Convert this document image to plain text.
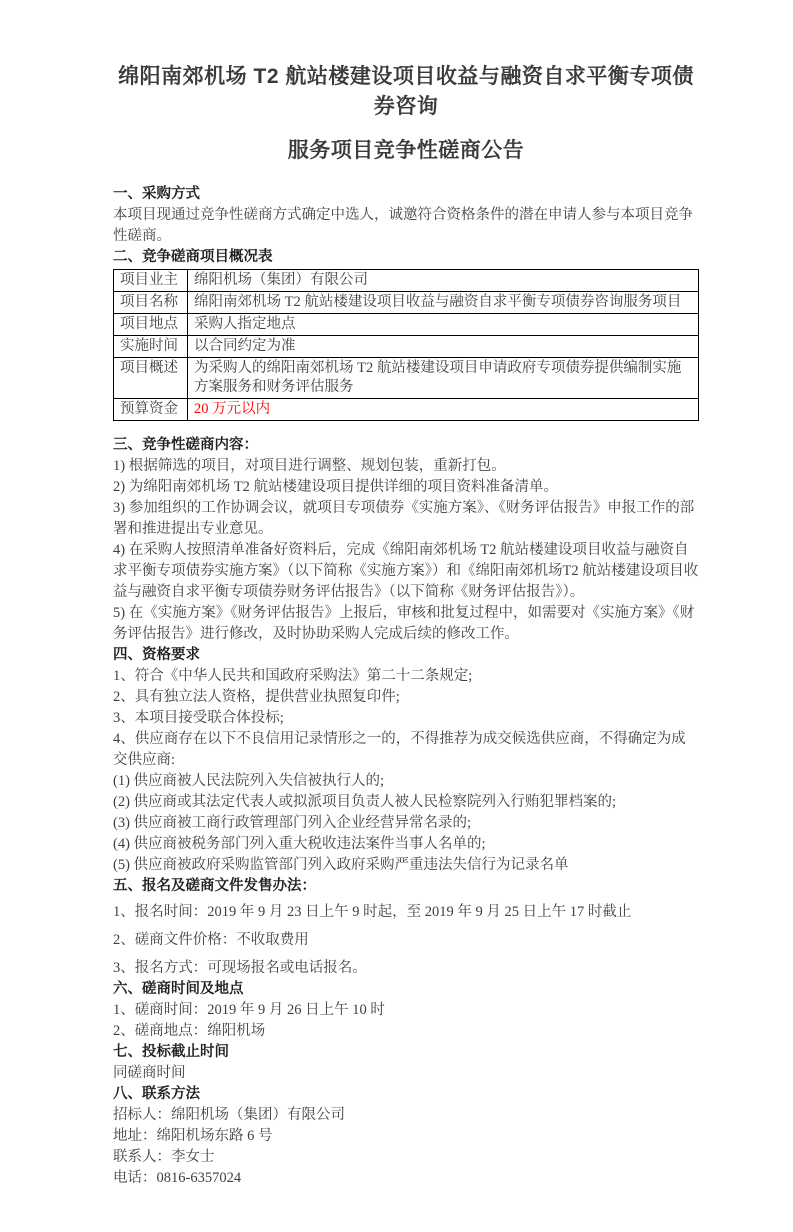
绵阳南郊机场 T2 航站楼建设项目收益与融资自求平衡专项债券咨询
服务项目竞争性磋商公告
一、采购方式

本项目现通过竞争性磋商方式确定中选人，诚邀符合资格条件的潜在申请人参与本项目竞争性磋商。

二、竞争磋商项目概况表
项目业主	绵阳机场（集团）有限公司
项目名称	绵阳南郊机场 T2 航站楼建设项目收益与融资自求平衡专项债券咨询服务项目
项目地点	采购人指定地点
实施时间	以合同约定为准
项目概述	为采购人的绵阳南郊机场 T2 航站楼建设项目申请政府专项债券提供编制实施方案服务和财务评估服务
预算资金	20 万元以内
三、竞争性磋商内容：

1) 根据筛选的项目，对项目进行调整、规划包装，重新打包。

2) 为绵阳南郊机场 T2 航站楼建设项目提供详细的项目资料准备清单。

3) 参加组织的工作协调会议，就项目专项债券《实施方案》、《财务评估报告》申报工作的部署和推进提出专业意见。

4) 在采购人按照清单准备好资料后，完成《绵阳南郊机场 T2 航站楼建设项目收益与融资自求平衡专项债券实施方案》（以下简称《实施方案》）和《绵阳南郊机场T2 航站楼建设项目收益与融资自求平衡专项债券财务评估报告》（以下简称《财务评估报告》）。

5) 在《实施方案》《财务评估报告》上报后，审核和批复过程中，如需要对《实施方案》《财务评估报告》进行修改，及时协助采购人完成后续的修改工作。

四、资格要求

1、符合《中华人民共和国政府采购法》第二十二条规定;

2、具有独立法人资格，提供营业执照复印件;

3、本项目接受联合体投标;

4、供应商存在以下不良信用记录情形之一的，不得推荐为成交候选供应商，不得确定为成交供应商:

(1) 供应商被人民法院列入失信被执行人的;

(2) 供应商或其法定代表人或拟派项目负责人被人民检察院列入行贿犯罪档案的;

(3) 供应商被工商行政管理部门列入企业经营异常名录的;

(4) 供应商被税务部门列入重大税收违法案件当事人名单的;

(5) 供应商被政府采购监管部门列入政府采购严重违法失信行为记录名单

五、报名及磋商文件发售办法：

1、报名时间：2019 年 9 月 23 日上午 9 时起，至 2019 年 9 月 25 日上午 17 时截止

2、磋商文件价格：不收取费用

3、报名方式：可现场报名或电话报名。

六、磋商时间及地点

1、磋商时间：2019 年 9 月 26 日上午 10 时

2、磋商地点：绵阳机场

七、投标截止时间

同磋商时间

八、联系方法

招标人：绵阳机场（集团）有限公司

地址：绵阳机场东路 6 号

联系人：李女士

电话：0816-6357024
